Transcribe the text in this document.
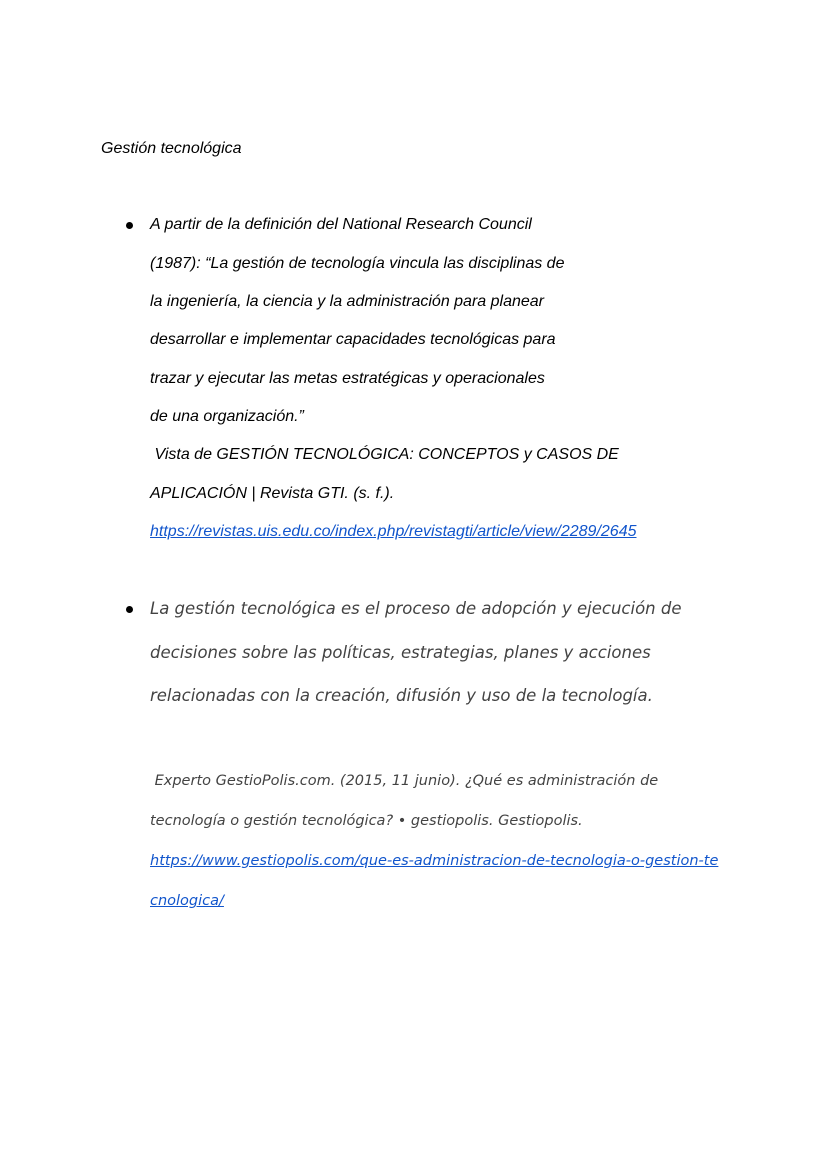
Gestión tecnológica
A partir de la definición del National Research Council
(1987): “La gestión de tecnología vincula las disciplinas de
la ingeniería, la ciencia y la administración para planear
desarrollar e implementar capacidades tecnológicas para
trazar y ejecutar las metas estratégicas y operacionales
de una organización.”
Vista de GESTIÓN TECNOLÓGICA: CONCEPTOS y CASOS DE
APLICACIÓN | Revista GTI. (s. f.).
https://revistas.uis.edu.co/index.php/revistagti/article/view/2289/2645
La gestión tecnológica es el proceso de adopción y ejecución de
decisiones sobre las políticas, estrategias, planes y acciones
relacionadas con la creación, difusión y uso de la tecnología.
Experto GestioPolis.com. (2015, 11 junio). ¿Qué es administración de
tecnología o gestión tecnológica? • gestiopolis. Gestiopolis.
https://www.gestiopolis.com/que-es-administracion-de-tecnologia-o-gestion-te
cnologica/
